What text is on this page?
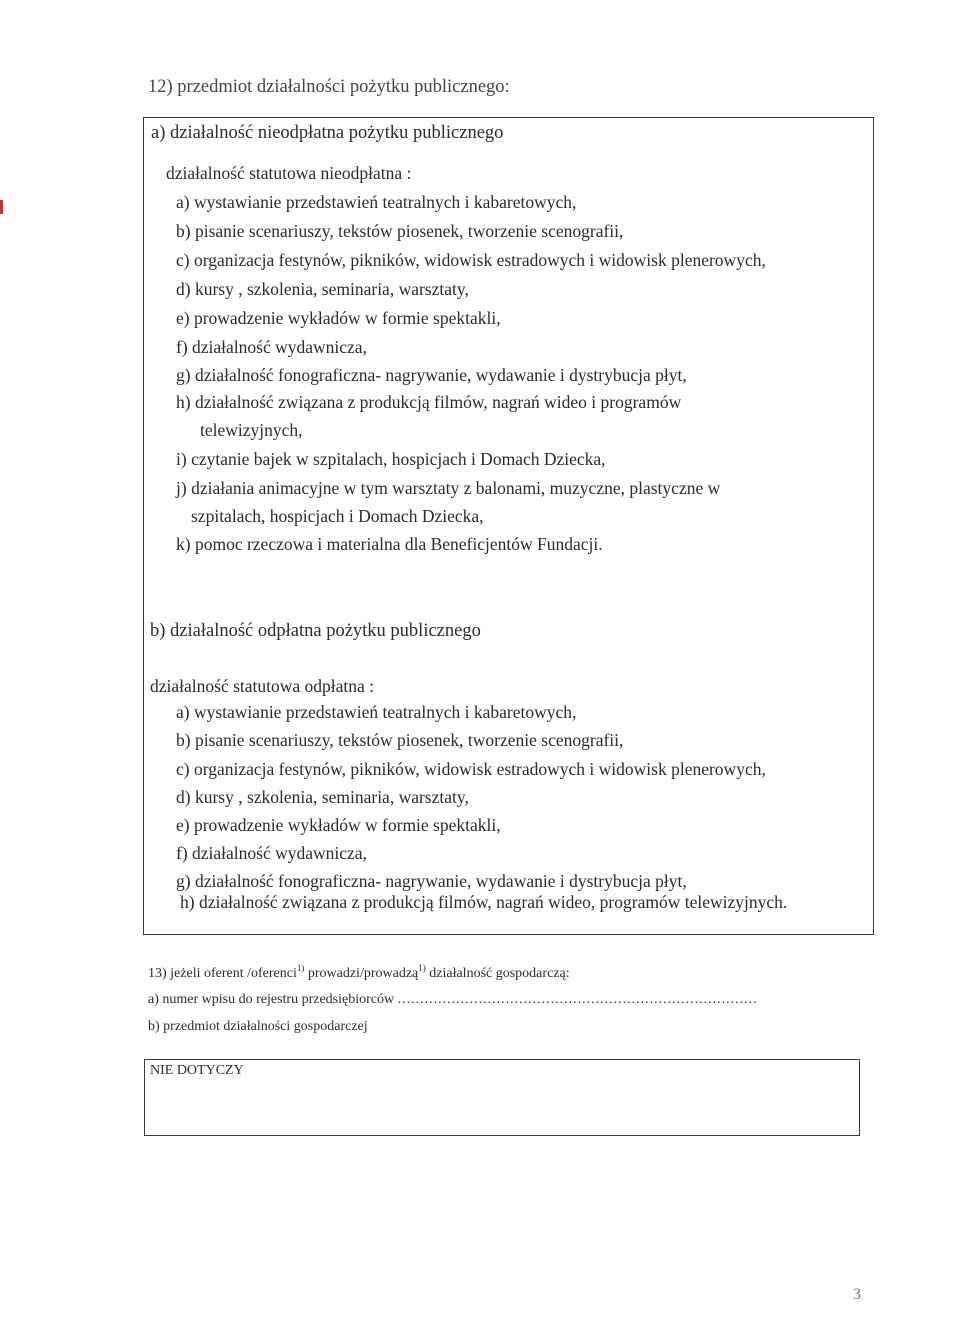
12) przedmiot działalności pożytku publicznego:
a) działalność nieodpłatna pożytku publicznego
działalność statutowa nieodpłatna :
a) wystawianie przedstawień teatralnych i kabaretowych,
b) pisanie scenariuszy, tekstów piosenek, tworzenie scenografii,
c) organizacja festynów, pikników, widowisk estradowych i widowisk plenerowych,
d) kursy , szkolenia, seminaria, warsztaty,
e) prowadzenie wykładów w formie spektakli,
f) działalność wydawnicza,
g) działalność fonograficzna- nagrywanie, wydawanie i dystrybucja płyt,
h) działalność związana z produkcją filmów, nagrań wideo i programów
telewizyjnych,
i) czytanie bajek w szpitalach, hospicjach i Domach Dziecka,
j) działania animacyjne w tym warsztaty z balonami, muzyczne, plastyczne w
szpitalach, hospicjach i Domach Dziecka,
k) pomoc rzeczowa i materialna dla Beneficjentów Fundacji.
b) działalność odpłatna pożytku publicznego
działalność statutowa odpłatna :
a) wystawianie przedstawień teatralnych i kabaretowych,
b) pisanie scenariuszy, tekstów piosenek, tworzenie scenografii,
c) organizacja festynów, pikników, widowisk estradowych i widowisk plenerowych,
d) kursy , szkolenia, seminaria, warsztaty,
e) prowadzenie wykładów w formie spektakli,
f) działalność wydawnicza,
g) działalność fonograficzna- nagrywanie, wydawanie i dystrybucja płyt,
h) działalność związana z produkcją filmów, nagrań wideo, programów telewizyjnych.
13) jeżeli oferent /oferenci$^{1)}$ prowadzi/prowadzą$^{1)}$ działalność gospodarczą:
a) numer wpisu do rejestru przedsiębiorców ................................................................................
b) przedmiot działalności gospodarczej
NIE DOTYCZY
3
